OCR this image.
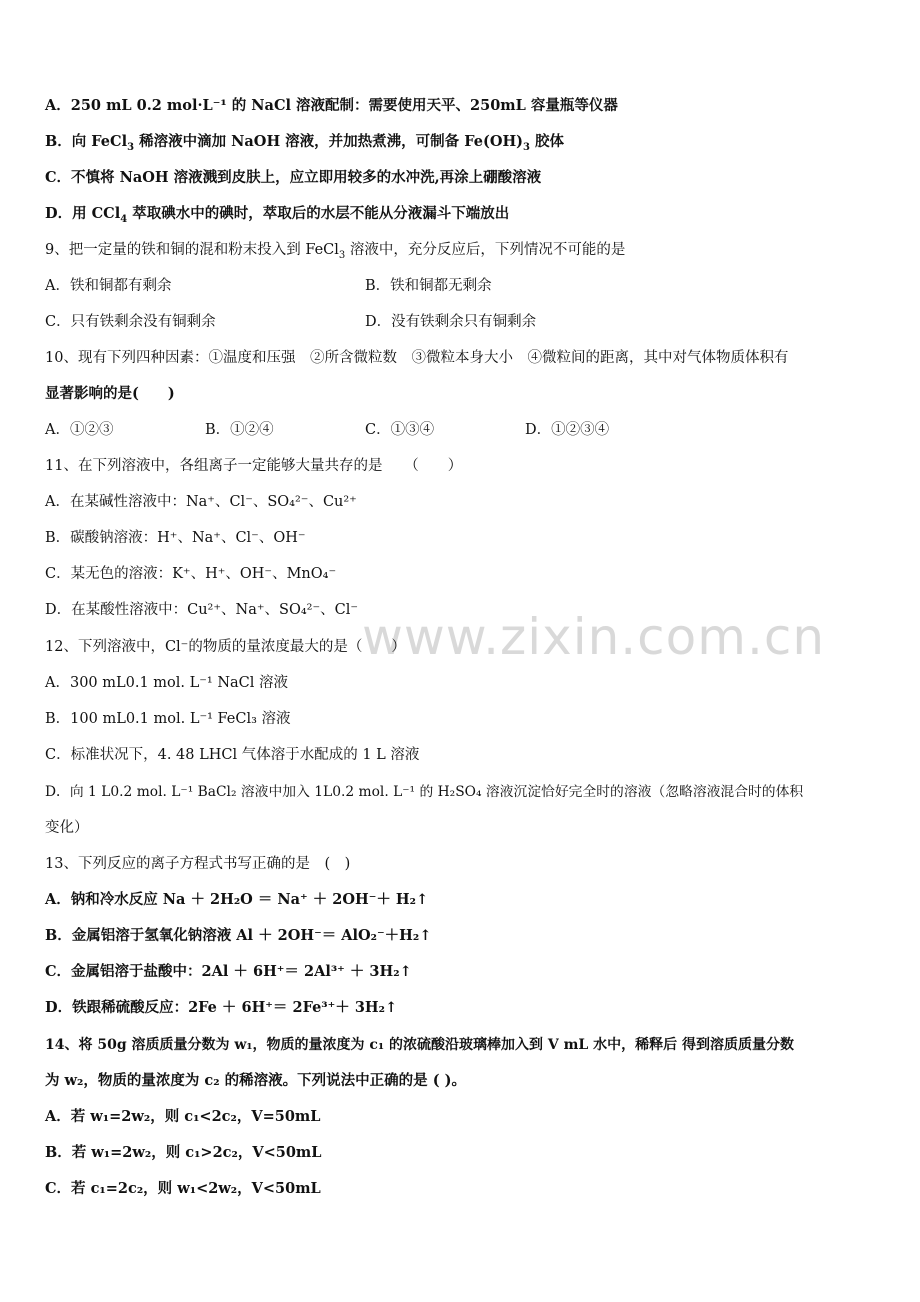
www.zixin.com.cn
A．250 mL 0.2 mol·L⁻¹ 的 NaCl 溶液配制：需要使用天平、250mL 容量瓶等仪器
B．向 FeCl$_3$ 稀溶液中滴加 NaOH 溶液，并加热煮沸，可制备 $Fe(OH)_3$ 胶体
C．不慎将 NaOH 溶液溅到皮肤上，应立即用较多的水冲洗,再涂上硼酸溶液
D．用 CCl$_4$ 萃取碘水中的碘时，萃取后的水层不能从分液漏斗下端放出
9、把一定量的铁和铜的混和粉末投入到 FeCl$_3$ 溶液中，充分反应后，下列情况不可能的是
A．铁和铜都有剩余	B．铁和铜都无剩余
C．只有铁剩余没有铜剩余	D．没有铁剩余只有铜剩余
10、现有下列四种因素：①温度和压强　②所含微粒数　③微粒本身大小　④微粒间的距离，其中对气体物质体积有
显著影响的是(　　)
A．①②③	B．①②④	C．①③④	D．①②③④
11、在下列溶液中，各组离子一定能够大量共存的是　　（　　）
A．在某碱性溶液中：Na⁺、Cl⁻、SO₄²⁻、Cu²⁺
B．碳酸钠溶液：H⁺、Na⁺、Cl⁻、OH⁻
C．某无色的溶液：K⁺、H⁺、OH⁻、MnO₄⁻
D．在某酸性溶液中：Cu²⁺、Na⁺、SO₄²⁻、Cl⁻
12、下列溶液中，Cl⁻的物质的量浓度最大的是（　　）
A．300 mL0.1 mol. L⁻¹ NaCl 溶液
B．100 mL0.1 mol. L⁻¹ FeCl₃ 溶液
C．标准状况下，4. 48 LHCl 气体溶于水配成的 1 L 溶液
D．向 1 L0.2 mol. L⁻¹ BaCl₂ 溶液中加入 1L0.2 mol. L⁻¹ 的 H₂SO₄ 溶液沉淀恰好完全时的溶液（忽略溶液混合时的体积
变化）
13、下列反应的离子方程式书写正确的是　(　)
A．钠和冷水反应 Na ＋ 2H₂O ＝ Na⁺ ＋ 2OH⁻＋ H₂↑
B．金属铝溶于氢氧化钠溶液 Al ＋ 2OH⁻＝ AlO₂⁻＋H₂↑
C．金属铝溶于盐酸中：2Al ＋ 6H⁺＝ 2Al³⁺ ＋ 3H₂↑
D．铁跟稀硫酸反应：2Fe ＋ 6H⁺＝ 2Fe³⁺＋ 3H₂↑
14、将 50g 溶质质量分数为 w₁，物质的量浓度为 c₁ 的浓硫酸沿玻璃棒加入到 V mL 水中，稀释后 得到溶质质量分数
为 w₂，物质的量浓度为 c₂ 的稀溶液。下列说法中正确的是 ( )。
A．若 w₁=2w₂，则 c₁<2c₂，V=50mL
B．若 w₁=2w₂，则 c₁>2c₂，V<50mL
C．若 c₁=2c₂，则 w₁<2w₂，V<50mL
